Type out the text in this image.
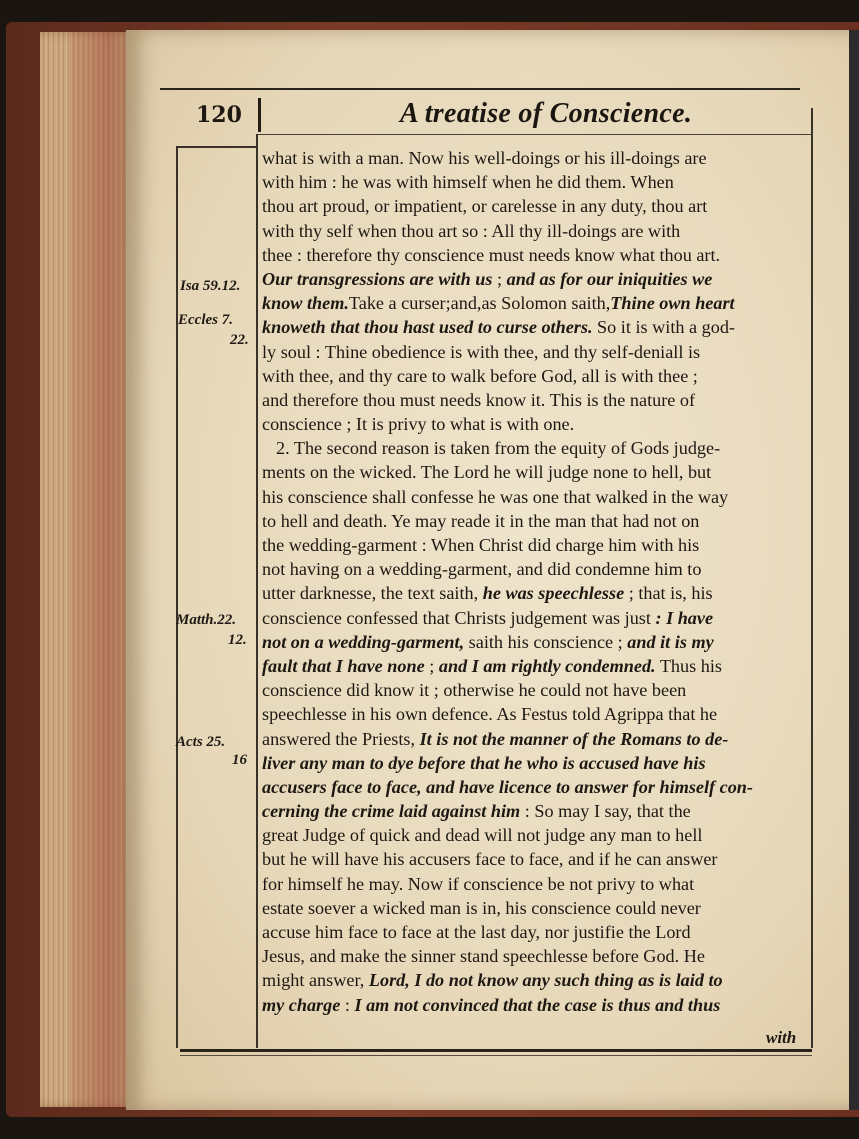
120	A treatise of Conscience.
Isa 59.12.
Eccles 7.
22.
Matth.22.
12.
Acts 25.
16
what is with a man. Now his well-doings or his ill-doings are
with him : he was with himself when he did them. When
thou art proud, or impatient, or carelesse in any duty, thou art
with thy self when thou art so : All thy ill-doings are with
thee : therefore thy conscience must needs know what thou art.
Our transgressions are with us ; and as for our iniquities we
know them.Take a curser;and,as Solomon saith,Thine own heart
knoweth that thou hast used to curse others. So it is with a god-
ly soul : Thine obedience is with thee, and thy self-deniall is
with thee, and thy care to walk before God, all is with thee ;
and therefore thou must needs know it. This is the nature of
conscience ; It is privy to what is with one.
2. The second reason is taken from the equity of Gods judge-
ments on the wicked. The Lord he will judge none to hell, but
his conscience shall confesse he was one that walked in the way
to hell and death. Ye may reade it in the man that had not on
the wedding-garment : When Christ did charge him with his
not having on a wedding-garment, and did condemne him to
utter darknesse, the text saith, he was speechlesse ; that is, his
conscience confessed that Christs judgement was just : I have
not on a wedding-garment, saith his conscience ; and it is my
fault that I have none ; and I am rightly condemned. Thus his
conscience did know it ; otherwise he could not have been
speechlesse in his own defence. As Festus told Agrippa that he
answered the Priests, It is not the manner of the Romans to de-
liver any man to dye before that he who is accused have his
accusers face to face, and have licence to answer for himself con-
cerning the crime laid against him : So may I say, that the
great Judge of quick and dead will not judge any man to hell
but he will have his accusers face to face, and if he can answer
for himself he may. Now if conscience be not privy to what
estate soever a wicked man is in, his conscience could never
accuse him face to face at the last day, nor justifie the Lord
Jesus, and make the sinner stand speechlesse before God. He
might answer, Lord, I do not know any such thing as is laid to
my charge : I am not convinced that the case is thus and thus
with
